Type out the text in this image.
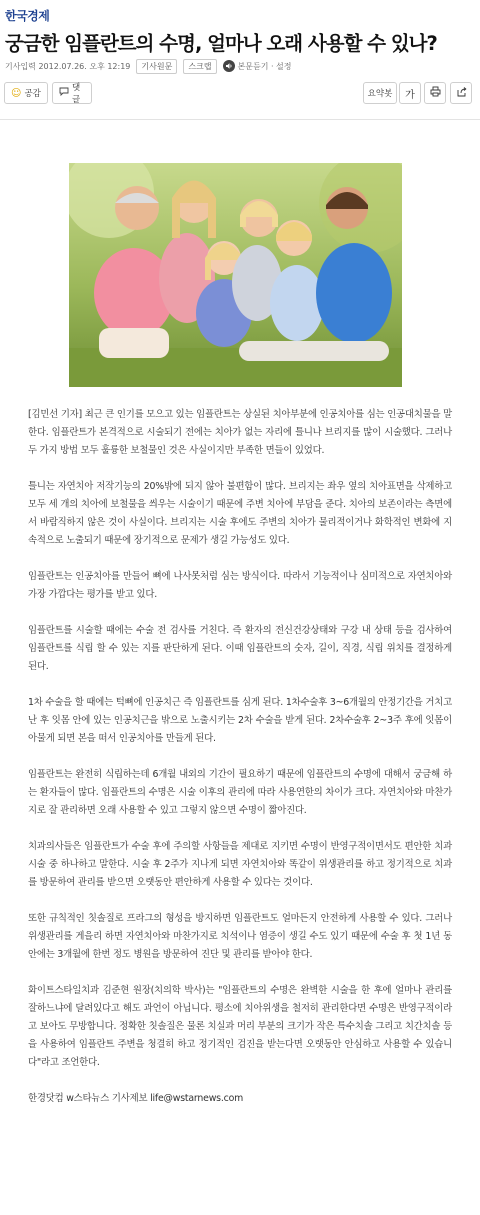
한국경제
궁금한 임플란트의 수명, 얼마나 오래 사용할 수 있나?
기사입력 2012.07.26. 오후 12:19	기사원문	스크랩	본문듣기 · 설정
☺ 공감
댓글
요약봇	가

[김민선 기자] 최근 큰 인기를 모으고 있는 임플란트는 상실된 치아부분에 인공치아를 심는 인공대치물을 말한다. 임플란트가 본격적으로 시술되기 전에는 치아가 없는 자리에 틀니나 브리지를 많이 시술했다. 그러나 두 가지 방법 모두 훌륭한 보철물인 것은 사실이지만 부족한 면들이 있었다.

틀니는 자연치아 저작기능의 20%밖에 되지 않아 불편함이 많다. 브리지는 좌우 옆의 치아표면을 삭제하고 모두 세 개의 치아에 보철물을 씌우는 시술이기 때문에 주변 치아에 부담을 준다. 치아의 보존이라는 측면에서 바람직하지 않은 것이 사실이다. 브리지는 시술 후에도 주변의 치아가 물리적이거나 화학적인 변화에 지속적으로 노출되기 때문에 장기적으로 문제가 생길 가능성도 있다.

임플란트는 인공치아를 만들어 뼈에 나사못처럼 심는 방식이다. 따라서 기능적이나 심미적으로 자연치아와 가장 가깝다는 평가를 받고 있다.

임플란트를 시술할 때에는 수술 전 검사를 거친다. 즉 환자의 전신건강상태와 구강 내 상태 등을 검사하여 임플란트를 식립 할 수 있는 지를 판단하게 된다. 이때 임플란트의 숫자, 길이, 직경, 식립 위치를 결정하게 된다.

1차 수술을 할 때에는 턱뼈에 인공치근 즉 임플란트를 심게 된다. 1차수술후 3~6개월의 안정기간을 거치고 난 후 잇몸 안에 있는 인공치근을 밖으로 노출시키는 2차 수술을 받게 된다. 2차수술후 2~3주 후에 잇몸이 아물게 되면 본을 떠서 인공치아를 만들게 된다.

임플란트는 완전히 식립하는데 6개월 내외의 기간이 필요하기 때문에 임플란트의 수명에 대해서 궁금해 하는 환자들이 많다. 임플란트의 수명은 시술 이후의 관리에 따라 사용연한의 차이가 크다. 자연치아와 마찬가지로 잘 관리하면 오래 사용할 수 있고 그렇지 않으면 수명이 짧아진다.

치과의사들은 임플란트가 수술 후에 주의할 사항들을 제대로 지키면 수명이 반영구적이면서도 편안한 치과시술 중 하나하고 말한다. 시술 후 2주가 지나게 되면 자연치아와 똑같이 위생관리를 하고 정기적으로 치과를 방문하여 관리를 받으면 오랫동안 편안하게 사용할 수 있다는 것이다.

또한 규칙적인 칫솔질로 프라그의 형성을 방지하면 임플란트도 얼마든지 안전하게 사용할 수 있다. 그러나 위생관리를 게을리 하면 자연치아와 마찬가지로 치석이나 염증이 생길 수도 있기 때문에 수술 후 첫 1년 동안에는 3개월에 한번 정도 병원을 방문하여 진단 및 관리를 받아야 한다.

화이트스타일치과 김준현 원장(치의학 박사)는 "임플란트의 수명은 완벽한 시술을 한 후에 얼마나 관리를 잘하느냐에 달려있다고 해도 과언이 아닙니다. 평소에 치아위생을 철저히 관리한다면 수명은 반영구적이라고 보아도 무방합니다. 정확한 칫솔질은 물론 치실과 머리 부분의 크기가 작은 특수치솔 그리고 치간치솔 등을 사용하여 임플란트 주변을 청결히 하고 정기적인 검진을 받는다면 오랫동안 안심하고 사용할 수 있습니다"라고 조언한다.

한경닷컴 w스타뉴스 기사제보 life@wstarnews.com
